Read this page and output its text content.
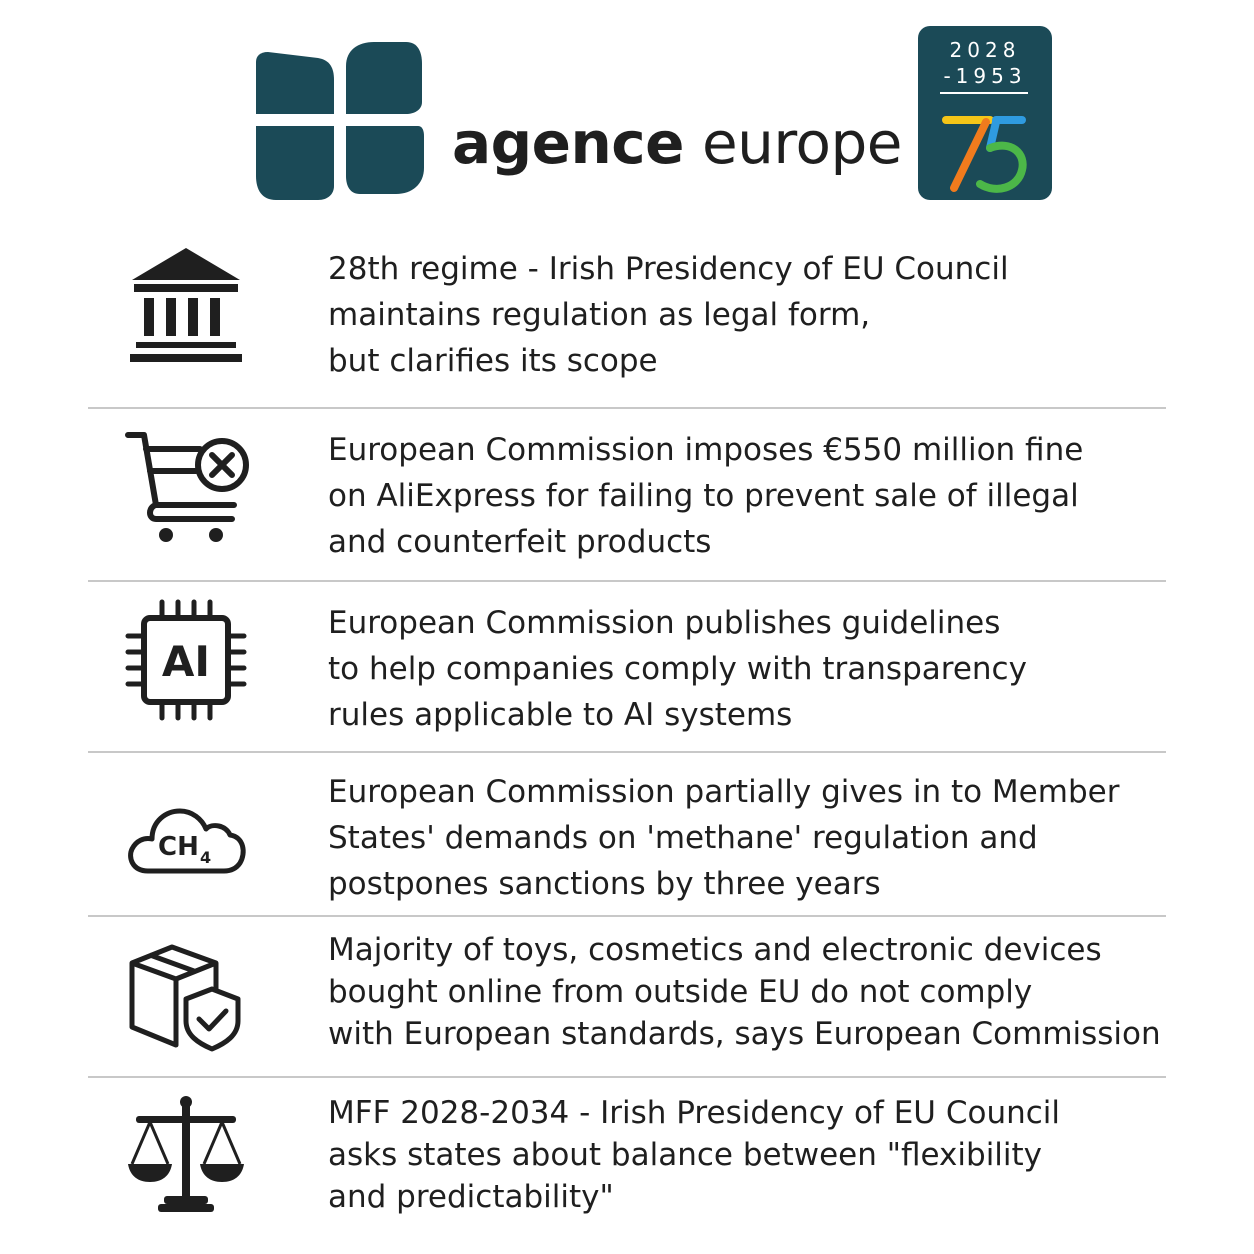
agence europe
2028
-1953
28th regime - Irish Presidency of EU Council
maintains regulation as legal form,
but clarifies its scope
European Commission imposes €550 million fine
on AliExpress for failing to prevent sale of illegal
and counterfeit products
AI
European Commission publishes guidelines
to help companies comply with transparency
rules applicable to AI systems
CH 4
European Commission partially gives in to Member
States' demands on 'methane' regulation and
postpones sanctions by three years
Majority of toys, cosmetics and electronic devices
bought online from outside EU do not comply
with European standards, says European Commission
MFF 2028-2034 - Irish Presidency of EU Council
asks states about balance between "flexibility
and predictability"
